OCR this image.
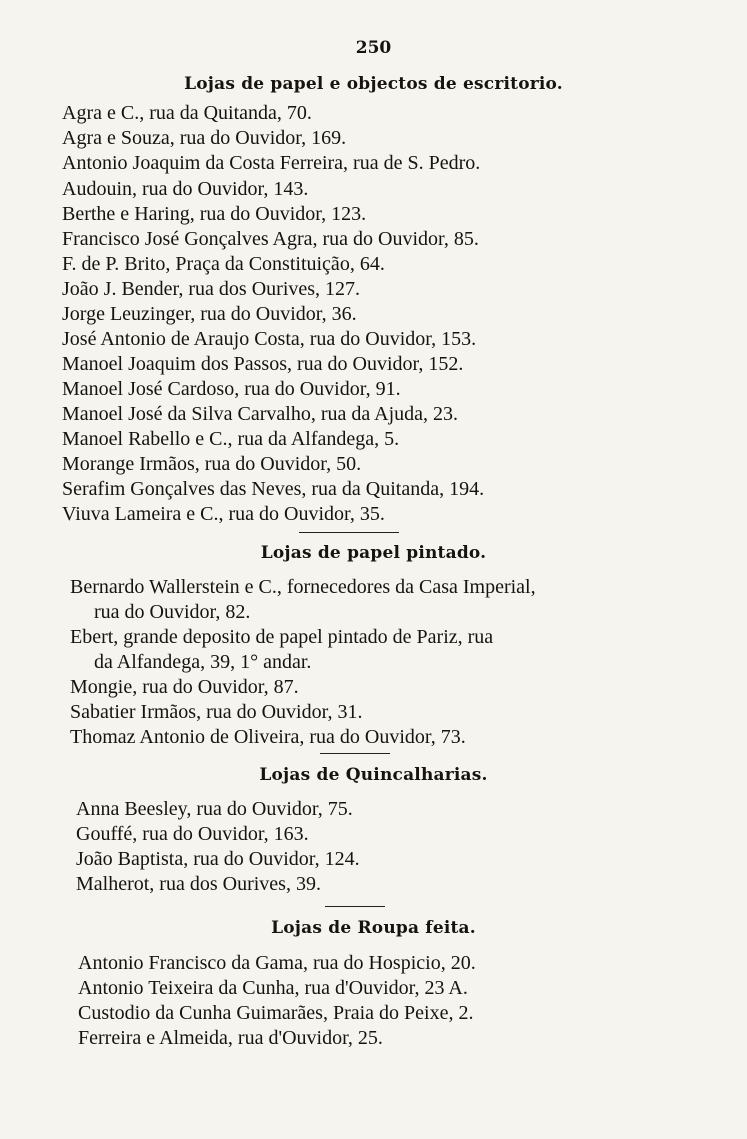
250
Lojas de papel e objectos de escritorio.
Agra e C., rua da Quitanda, 70.
Agra e Souza, rua do Ouvidor, 169.
Antonio Joaquim da Costa Ferreira, rua de S. Pedro.
Audouin, rua do Ouvidor, 143.
Berthe e Haring, rua do Ouvidor, 123.
Francisco José Gonçalves Agra, rua do Ouvidor, 85.
F. de P. Brito, Praça da Constituição, 64.
João J. Bender, rua dos Ourives, 127.
Jorge Leuzinger, rua do Ouvidor, 36.
José Antonio de Araujo Costa, rua do Ouvidor, 153.
Manoel Joaquim dos Passos, rua do Ouvidor, 152.
Manoel José Cardoso, rua do Ouvidor, 91.
Manoel José da Silva Carvalho, rua da Ajuda, 23.
Manoel Rabello e C., rua da Alfandega, 5.
Morange Irmãos, rua do Ouvidor, 50.
Serafim Gonçalves das Neves, rua da Quitanda, 194.
Viuva Lameira e C., rua do Ouvidor, 35.
Lojas de papel pintado.
Bernardo Wallerstein e C., fornecedores da Casa Imperial,
rua do Ouvidor, 82.
Ebert, grande deposito de papel pintado de Pariz, rua
da Alfandega, 39, 1° andar.
Mongie, rua do Ouvidor, 87.
Sabatier Irmãos, rua do Ouvidor, 31.
Thomaz Antonio de Oliveira, rua do Ouvidor, 73.
Lojas de Quincalharias.
Anna Beesley, rua do Ouvidor, 75.
Gouffé, rua do Ouvidor, 163.
João Baptista, rua do Ouvidor, 124.
Malherot, rua dos Ourives, 39.
Lojas de Roupa feita.
Antonio Francisco da Gama, rua do Hospicio, 20.
Antonio Teixeira da Cunha, rua d'Ouvidor, 23 A.
Custodio da Cunha Guimarães, Praia do Peixe, 2.
Ferreira e Almeida, rua d'Ouvidor, 25.
